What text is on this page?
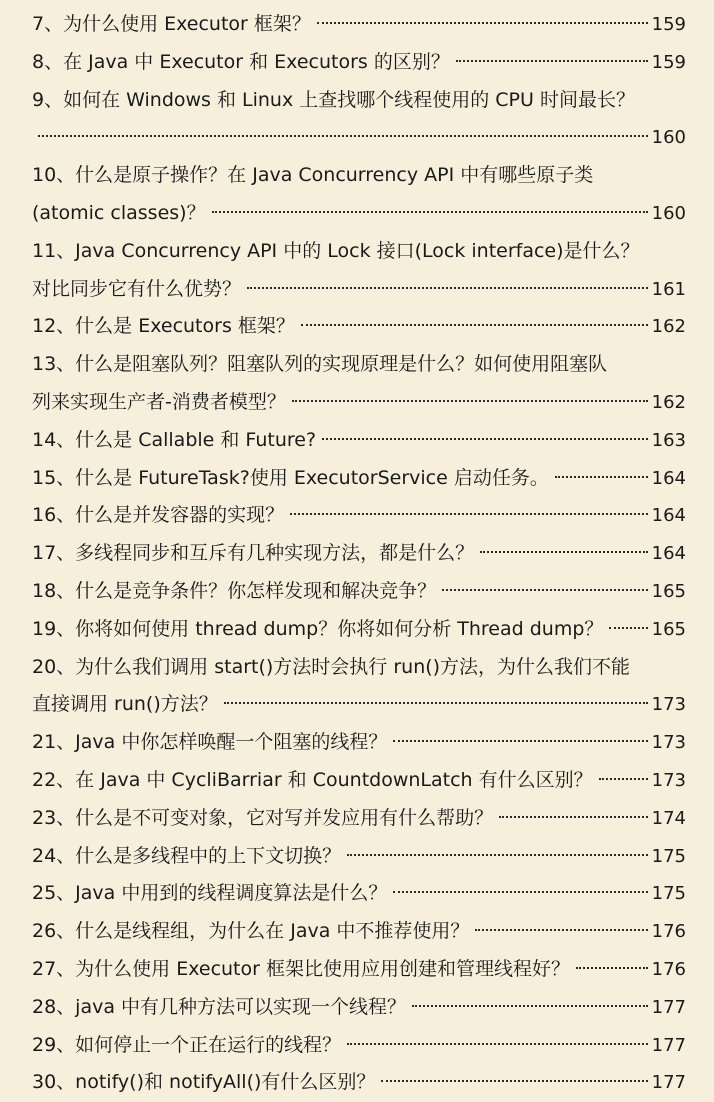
7、为什么使用 Executor 框架？	159
8、在 Java 中 Executor 和 Executors 的区别？	159
9、如何在 Windows 和 Linux 上查找哪个线程使用的 CPU 时间最长？
160
10、什么是原子操作？在 Java Concurrency API 中有哪些原子类
(atomic classes)？	160
11、Java Concurrency API 中的 Lock 接口(Lock interface)是什么？
对比同步它有什么优势？	161
12、什么是 Executors 框架？	162
13、什么是阻塞队列？阻塞队列的实现原理是什么？如何使用阻塞队
列来实现生产者-消费者模型？	162
14、什么是 Callable 和 Future?	163
15、什么是 FutureTask?使用 ExecutorService 启动任务。	164
16、什么是并发容器的实现？	164
17、多线程同步和互斥有几种实现方法，都是什么？	164
18、什么是竞争条件？你怎样发现和解决竞争？	165
19、你将如何使用 thread dump？你将如何分析 Thread dump？	165
20、为什么我们调用 start()方法时会执行 run()方法，为什么我们不能
直接调用 run()方法？	173
21、Java 中你怎样唤醒一个阻塞的线程？	173
22、在 Java 中 CycliBarriar 和 CountdownLatch 有什么区别？	173
23、什么是不可变对象，它对写并发应用有什么帮助？	174
24、什么是多线程中的上下文切换？	175
25、Java 中用到的线程调度算法是什么？	175
26、什么是线程组，为什么在 Java 中不推荐使用？	176
27、为什么使用 Executor 框架比使用应用创建和管理线程好？	176
28、java 中有几种方法可以实现一个线程？	177
29、如何停止一个正在运行的线程？	177
30、notify()和 notifyAll()有什么区别？	177
